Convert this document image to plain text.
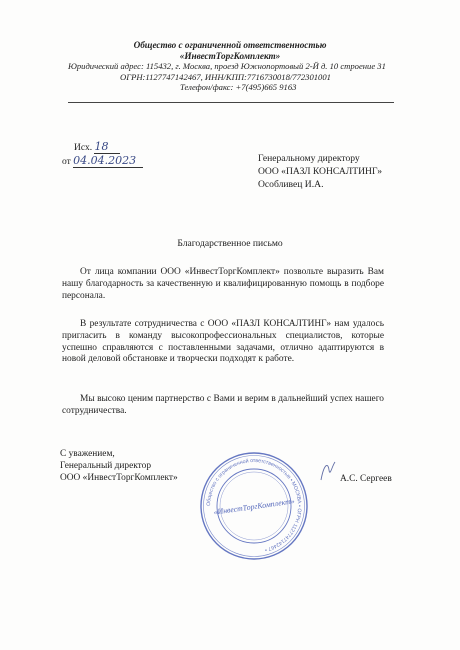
Общество с ограниченной ответственностью
«ИнвестТоргКомплект»
Юридический адрес: 115432, г. Москва, проезд Южнопортовый 2-Й д. 10 строение 31
ОГРН:1127747142467, ИНН/КПП:7716730018/772301001
Телефон/факс: +7(495)665 9163
Исх. 18
от 04.04.2023	Генеральному директору
ООО «ПАЗЛ КОНСАЛТИНГ»
Особливец И.А.
Благодарственное письмо
От лица компании ООО «ИнвестТоргКомплект» позвольте выразить Вам нашу благодарность за качественную и квалифицированную помощь в подборе персонала.
В результате сотрудничества с ООО «ПАЗЛ КОНСАЛТИНГ» нам удалось пригласить в команду высокопрофессиональных специалистов, которые успешно справляются с поставленными задачами, отлично адаптируются в новой деловой обстановке и творчески подходят к работе.
Мы высоко ценим партнерство с Вами и верим в дальнейший успех нашего сотрудничества.
С уважением,
Генеральный директор
ООО «ИнвестТоргКомплект»	А.С. Сергеев
Общество с ограниченной ответственностью • МОСКВА • ОГРН 1127747142467 •
«ИнвестТоргКомплект»
